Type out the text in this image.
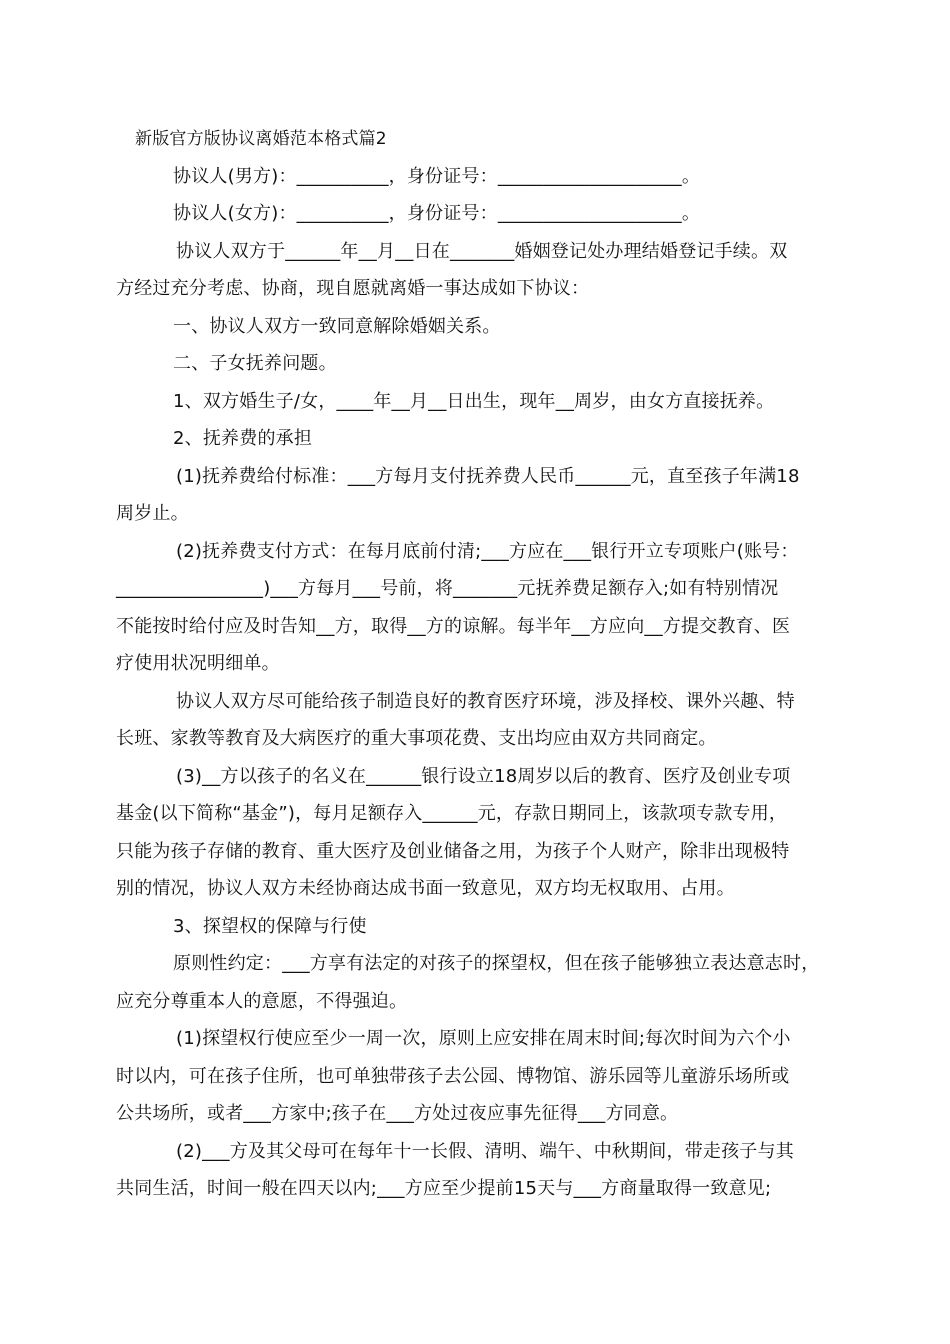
新版官方版协议离婚范本格式篇2

协议人(男方)：__________，身份证号：____________________。

协议人(女方)：__________，身份证号：____________________。

协议人双方于______年__月__日在_______婚姻登记处办理结婚登记手续。双

方经过充分考虑、协商，现自愿就离婚一事达成如下协议：

一、协议人双方一致同意解除婚姻关系。

二、子女抚养问题。

1、双方婚生子/女，____年__月__日出生，现年__周岁，由女方直接抚养。

2、抚养费的承担

(1)抚养费给付标准：___方每月支付抚养费人民币______元，直至孩子年满18

周岁止。

(2)抚养费支付方式：在每月底前付清;___方应在___银行开立专项账户(账号：

________________)___方每月___号前，将_______元抚养费足额存入;如有特别情况

不能按时给付应及时告知__方，取得__方的谅解。每半年__方应向__方提交教育、医

疗使用状况明细单。

协议人双方尽可能给孩子制造良好的教育医疗环境，涉及择校、课外兴趣、特

长班、家教等教育及大病医疗的重大事项花费、支出均应由双方共同商定。

(3)__方以孩子的名义在______银行设立18周岁以后的教育、医疗及创业专项

基金(以下简称“基金”)，每月足额存入______元，存款日期同上，该款项专款专用，

只能为孩子存储的教育、重大医疗及创业储备之用，为孩子个人财产，除非出现极特

别的情况，协议人双方未经协商达成书面一致意见，双方均无权取用、占用。

3、探望权的保障与行使

原则性约定：___方享有法定的对孩子的探望权，但在孩子能够独立表达意志时，

应充分尊重本人的意愿，不得强迫。

(1)探望权行使应至少一周一次，原则上应安排在周末时间;每次时间为六个小

时以内，可在孩子住所，也可单独带孩子去公园、博物馆、游乐园等儿童游乐场所或

公共场所，或者___方家中;孩子在___方处过夜应事先征得___方同意。

(2)___方及其父母可在每年十一长假、清明、端午、中秋期间，带走孩子与其

共同生活，时间一般在四天以内;___方应至少提前15天与___方商量取得一致意见;
